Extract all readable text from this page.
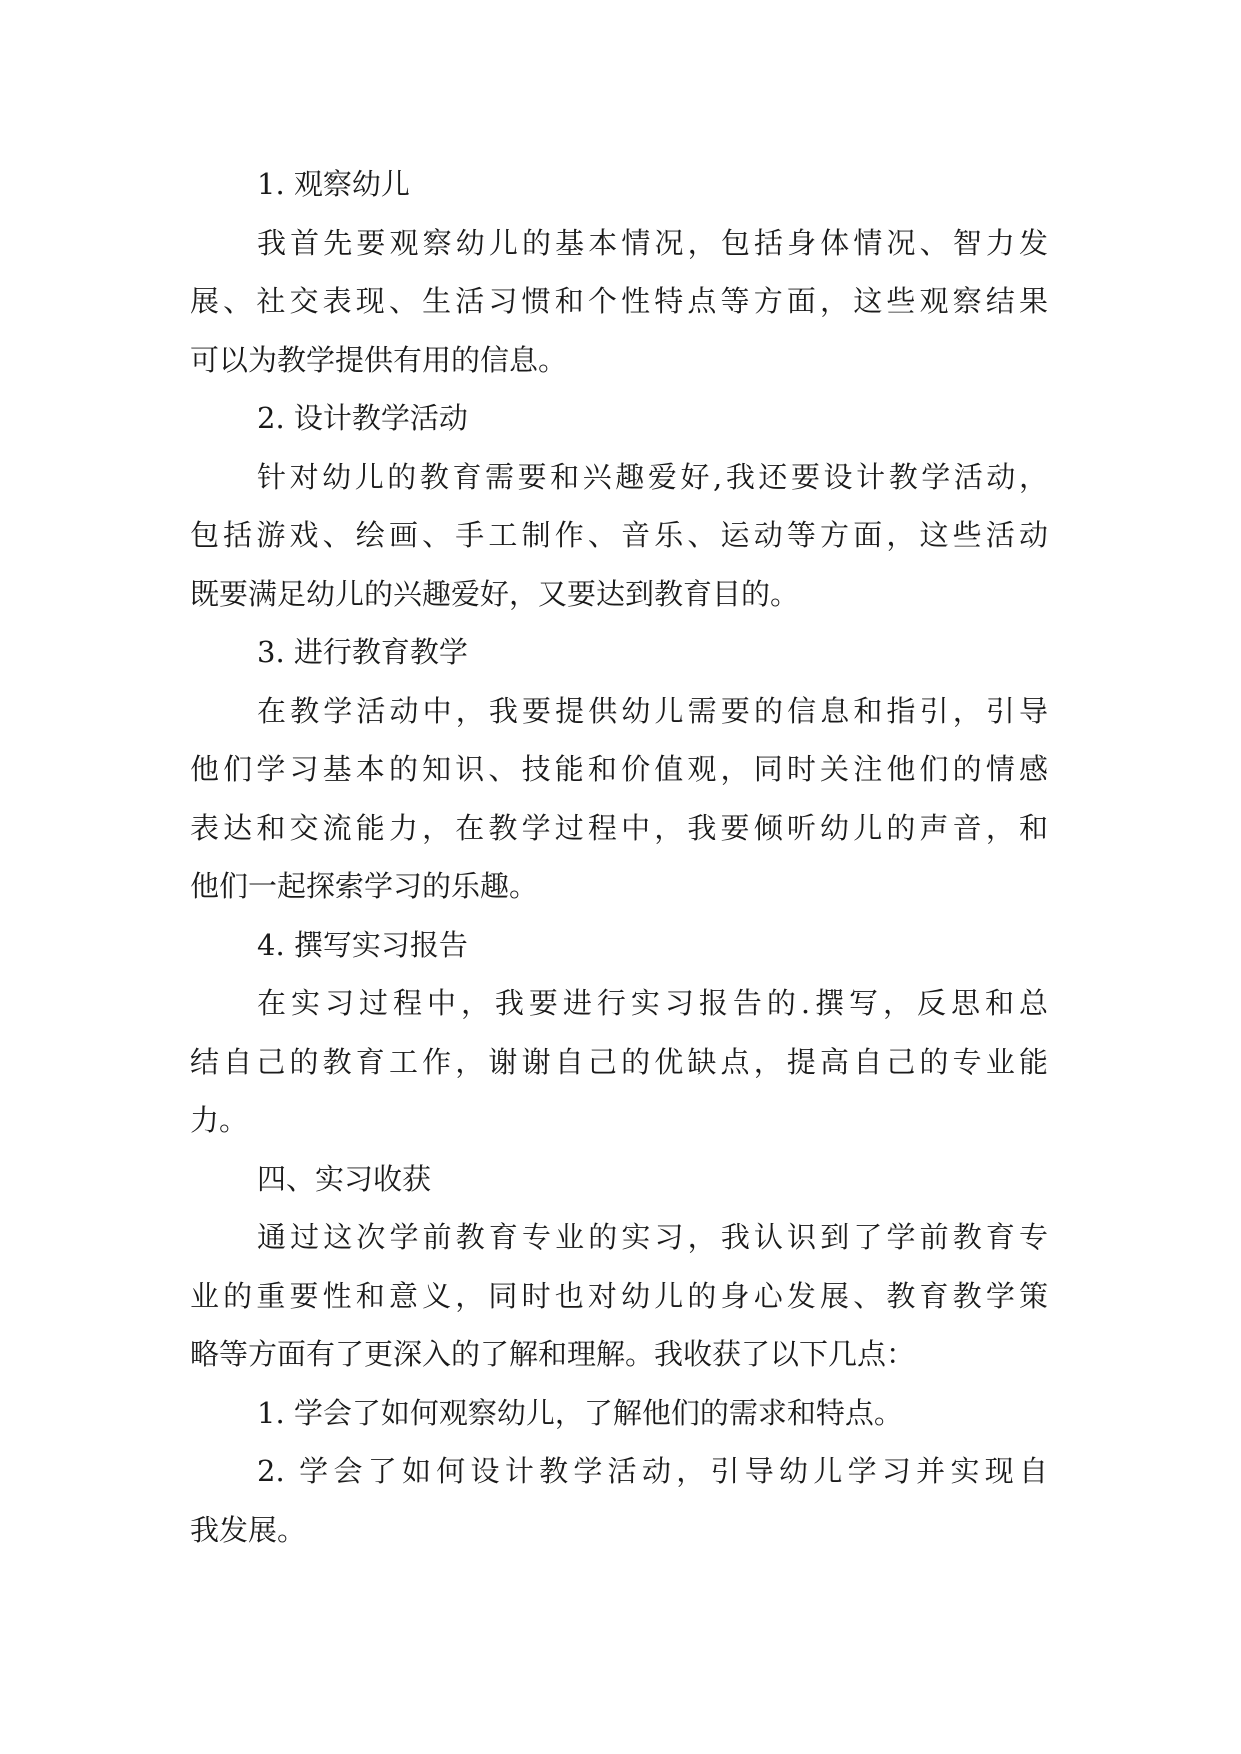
1. 观察幼儿
我首先要观察幼儿的基本情况，包括身体情况、智力发
展、社交表现、生活习惯和个性特点等方面，这些观察结果
可以为教学提供有用的信息。
2. 设计教学活动
针对幼儿的教育需要和兴趣爱好,我还要设计教学活动，
包括游戏、绘画、手工制作、音乐、运动等方面，这些活动
既要满足幼儿的兴趣爱好，又要达到教育目的。
3. 进行教育教学
在教学活动中，我要提供幼儿需要的信息和指引，引导
他们学习基本的知识、技能和价值观，同时关注他们的情感
表达和交流能力，在教学过程中，我要倾听幼儿的声音，和
他们一起探索学习的乐趣。
4. 撰写实习报告
在实习过程中，我要进行实习报告的.撰写，反思和总
结自己的教育工作，谢谢自己的优缺点，提高自己的专业能
力。
四、实习收获
通过这次学前教育专业的实习，我认识到了学前教育专
业的重要性和意义，同时也对幼儿的身心发展、教育教学策
略等方面有了更深入的了解和理解。我收获了以下几点：
1. 学会了如何观察幼儿，了解他们的需求和特点。
2. 学会了如何设计教学活动，引导幼儿学习并实现自
我发展。
